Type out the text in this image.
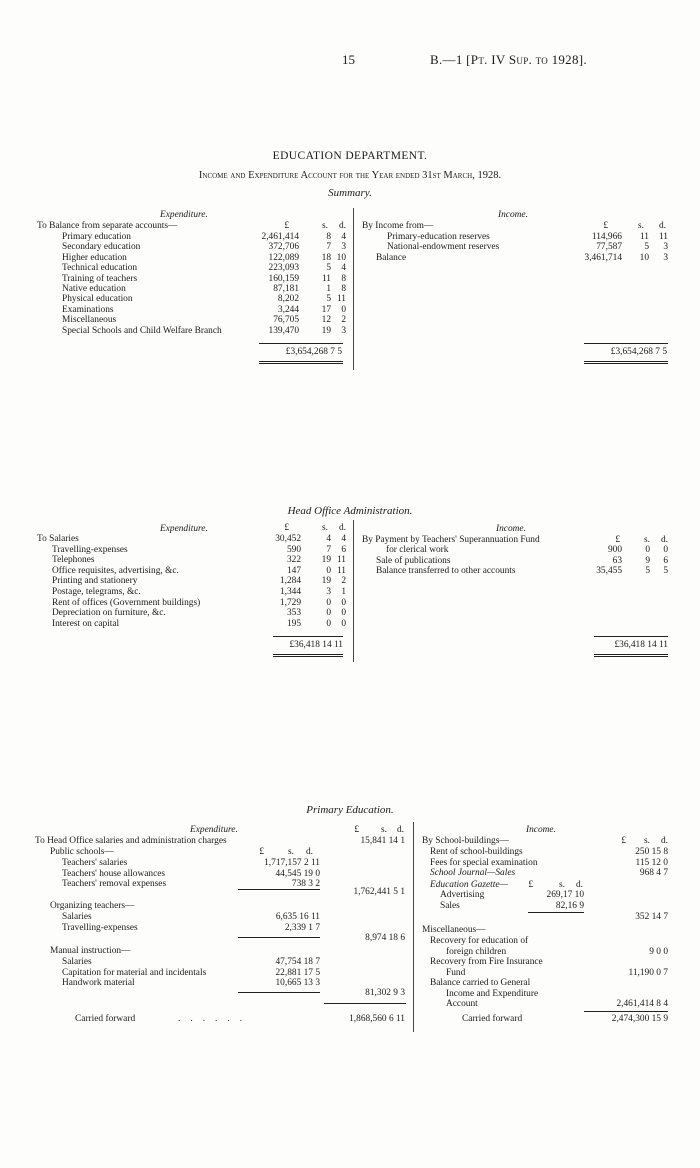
15	B.—1 [Pt. IV Sup. to 1928].
EDUCATION DEPARTMENT.
Income and Expenditure Account for the Year ended 31st March, 1928.
Summary.
Expenditure.	Income.
£	s. d.	£	s. d.
To Balance from separate accounts—
Primary education	2,461,414	8 4
Secondary education	372,706	7 3
Higher education	122,089 18 10
Technical education	223,093	5 4
Training of teachers	160,159 11 8
Native education	87,181	1 8
Physical education	8,202	5 11
Examinations	3,244 17 0
Miscellaneous	76,705 12 2
Special Schools and Child Welfare Branch	139,470 19 3
£3,654,268 7 5
By Income from—
Primary-education reserves	114,966 11 11
National-endowment reserves	77,587 5 3
Balance	3,461,714 10 3
£3,654,268 7 5
Head Office Administration.
Expenditure.	Income.
£	s. d.
£	s. d.
To Salaries	30,452	4 4
Travelling-expenses	590	7 6
Telephones	322 19 11
Office requisites, advertising, &c.	147	0 11
Printing and stationery	1,284 19 2
Postage, telegrams, &c.	1,344	3 1
Rent of offices (Government buildings)	1,729	0 0
Depreciation on furniture, &c.	353	0 0
Interest on capital	195	0 0
£36,418 14 11
By Payment by Teachers' Superannuation Fund
for clerical work	900 0 0
Sale of publications	63 9 6
Balance transferred to other accounts	35,455 5 5
£36,418 14 11
Primary Education.
Expenditure.	Income.
£ s. d.
£ s. d.
To Head Office salaries and administration charges	15,841 14 1
Public schools—	£	s. d.
Teachers' salaries	1,717,157 2 11
Teachers' house allowances	44,545 19 0
Teachers' removal expenses	738 3 2
1,762,441 5 1
Organizing teachers—
Salaries	6,635 16 11
Travelling-expenses	2,339 1 7
8,974 18 6
Manual instruction—
Salaries	47,754 18 7
Capitation for material and incidentals	22,881 17 5
Handwork material	10,665 13 3
81,302 9 3
Carried forward	......	1,868,560 6 11
By School-buildings—
Rent of school-buildings	250 15 8
Fees for special examination	115 12 0
School Journal—Sales	968 4 7
Education Gazette— £	s. d.
Advertising	269,17 10
Sales	82,16 9
352 14 7
Miscellaneous—
Recovery for education of
foreign children	9 0 0
Recovery from Fire Insurance
Fund	11,190 0 7
Balance carried to General
Income and Expenditure
Account	2,461,414 8 4
Carried forward	2,474,300 15 9
